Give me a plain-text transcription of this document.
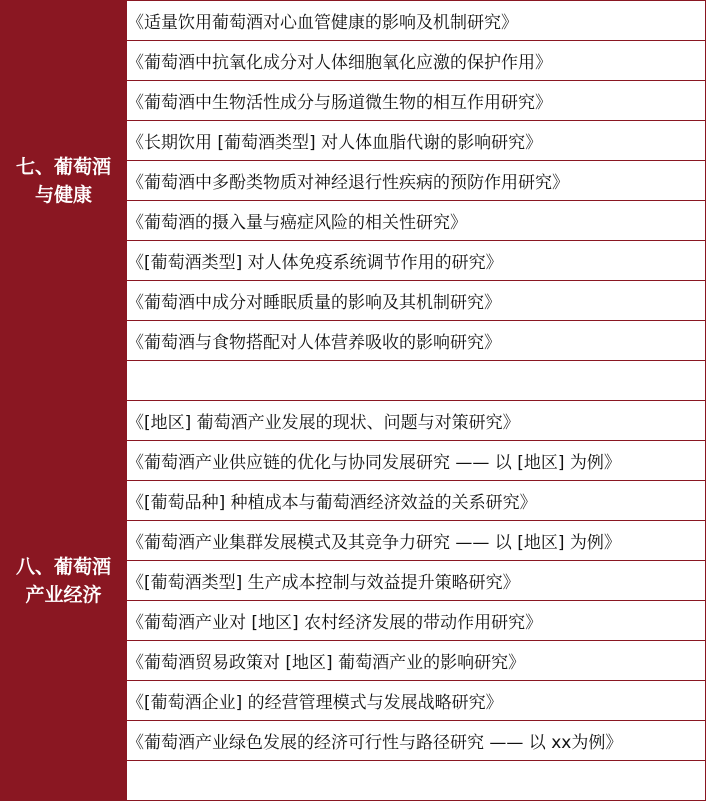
七、葡萄酒
与健康	《适量饮用葡萄酒对心血管健康的影响及机制研究》
	《葡萄酒中抗氧化成分对人体细胞氧化应激的保护作用》
	《葡萄酒中生物活性成分与肠道微生物的相互作用研究》
	《长期饮用 [葡萄酒类型] 对人体血脂代谢的影响研究》
	《葡萄酒中多酚类物质对神经退行性疾病的预防作用研究》
	《葡萄酒的摄入量与癌症风险的相关性研究》
	《[葡萄酒类型] 对人体免疫系统调节作用的研究》
	《葡萄酒中成分对睡眠质量的影响及其机制研究》
	《葡萄酒与食物搭配对人体营养吸收的影响研究》

八、葡萄酒
产业经济	《[地区] 葡萄酒产业发展的现状、问题与对策研究》
	《葡萄酒产业供应链的优化与协同发展研究 —— 以 [地区] 为例》
	《[葡萄品种] 种植成本与葡萄酒经济效益的关系研究》
	《葡萄酒产业集群发展模式及其竞争力研究 —— 以 [地区] 为例》
	《[葡萄酒类型] 生产成本控制与效益提升策略研究》
	《葡萄酒产业对 [地区] 农村经济发展的带动作用研究》
	《葡萄酒贸易政策对 [地区] 葡萄酒产业的影响研究》
	《[葡萄酒企业] 的经营管理模式与发展战略研究》
	《葡萄酒产业绿色发展的经济可行性与路径研究 —— 以 xx为例》
